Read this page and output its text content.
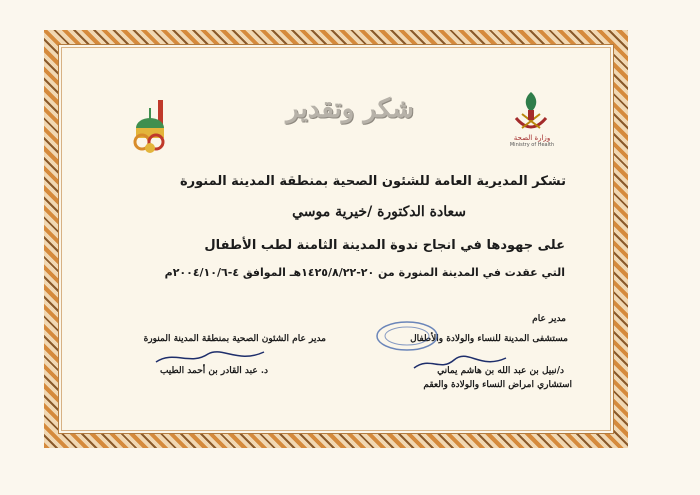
شكر وتقدير
وزارة الصحة
Ministry of Health
تشكر المديرية العامة للشئون الصحية بمنطقة المدينة المنورة
سعادة الدكتورة /خيرية موسي
على جهودها في انجاح ندوة المدينة الثامنة لطب الأطفال
التي عقدت في المدينة المنورة من ٢٠-١٤٢٥/٨/٢٢هـ الموافق ٤-٢٠٠٤/١٠/٦م
مدير عام
مستشفى المدينة للنساء والولادة والأطفال
د/نبيل بن عبد الله بن هاشم يماني
استشاري امراض النساء والولادة والعقم
مدير عام الشئون الصحية بمنطقة المدينة المنورة
د. عبد القادر بن أحمد الطيب
